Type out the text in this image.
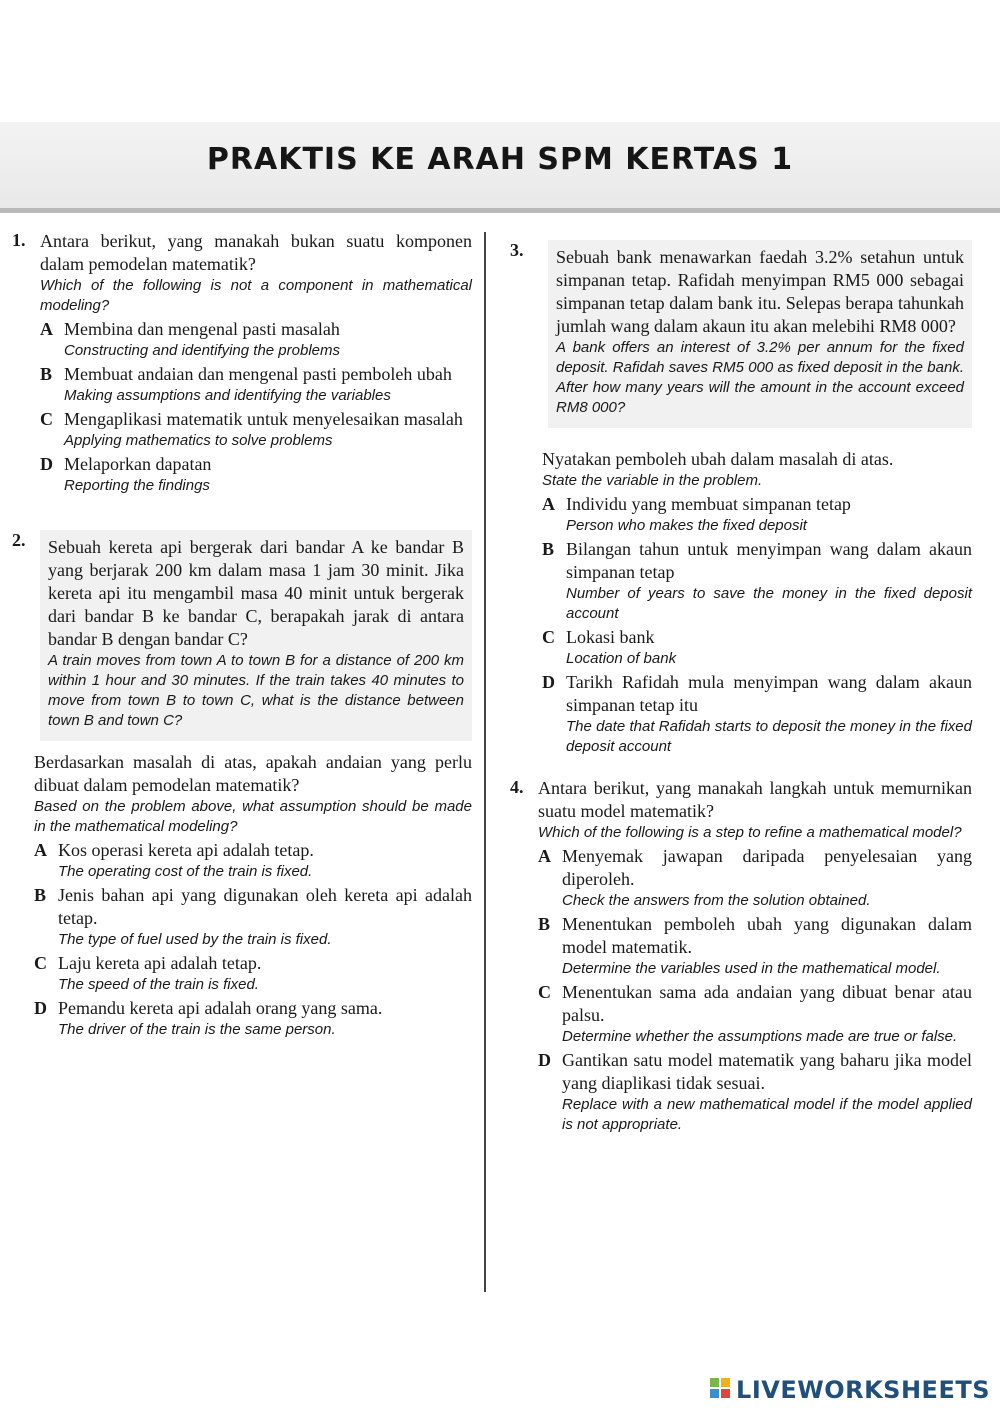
PRAKTIS KE ARAH SPM KERTAS 1
1. Antara berikut, yang manakah bukan suatu komponen dalam pemodelan matematik?
Which of the following is not a component in mathematical modeling?
A Membina dan mengenal pasti masalah
Constructing and identifying the problems
B Membuat andaian dan mengenal pasti pemboleh ubah
Making assumptions and identifying the variables
C Mengaplikasi matematik untuk menyelesaikan masalah
Applying mathematics to solve problems
D Melaporkan dapatan
Reporting the findings
2. Sebuah kereta api bergerak dari bandar A ke bandar B yang berjarak 200 km dalam masa 1 jam 30 minit. Jika kereta api itu mengambil masa 40 minit untuk bergerak dari bandar B ke bandar C, berapakah jarak di antara bandar B dengan bandar C?
A train moves from town A to town B for a distance of 200 km within 1 hour and 30 minutes. If the train takes 40 minutes to move from town B to town C, what is the distance between town B and town C?
Berdasarkan masalah di atas, apakah andaian yang perlu dibuat dalam pemodelan matematik?
Based on the problem above, what assumption should be made in the mathematical modeling?
A Kos operasi kereta api adalah tetap.
The operating cost of the train is fixed.
B Jenis bahan api yang digunakan oleh kereta api adalah tetap.
The type of fuel used by the train is fixed.
C Laju kereta api adalah tetap.
The speed of the train is fixed.
D Pemandu kereta api adalah orang yang sama.
The driver of the train is the same person.
3. Sebuah bank menawarkan faedah 3.2% setahun untuk simpanan tetap. Rafidah menyimpan RM5 000 sebagai simpanan tetap dalam bank itu. Selepas berapa tahunkah jumlah wang dalam akaun itu akan melebihi RM8 000?
A bank offers an interest of 3.2% per annum for the fixed deposit. Rafidah saves RM5 000 as fixed deposit in the bank. After how many years will the amount in the account exceed RM8 000?
Nyatakan pemboleh ubah dalam masalah di atas.
State the variable in the problem.
A Individu yang membuat simpanan tetap
Person who makes the fixed deposit
B Bilangan tahun untuk menyimpan wang dalam akaun simpanan tetap
Number of years to save the money in the fixed deposit account
C Lokasi bank
Location of bank
D Tarikh Rafidah mula menyimpan wang dalam akaun simpanan tetap itu
The date that Rafidah starts to deposit the money in the fixed deposit account
4. Antara berikut, yang manakah langkah untuk memurnikan suatu model matematik?
Which of the following is a step to refine a mathematical model?
A Menyemak jawapan daripada penyelesaian yang diperoleh.
Check the answers from the solution obtained.
B Menentukan pemboleh ubah yang digunakan dalam model matematik.
Determine the variables used in the mathematical model.
C Menentukan sama ada andaian yang dibuat benar atau palsu.
Determine whether the assumptions made are true or false.
D Gantikan satu model matematik yang baharu jika model yang diaplikasi tidak sesuai.
Replace with a new mathematical model if the model applied is not appropriate.
LIVEWORKSHEETS
